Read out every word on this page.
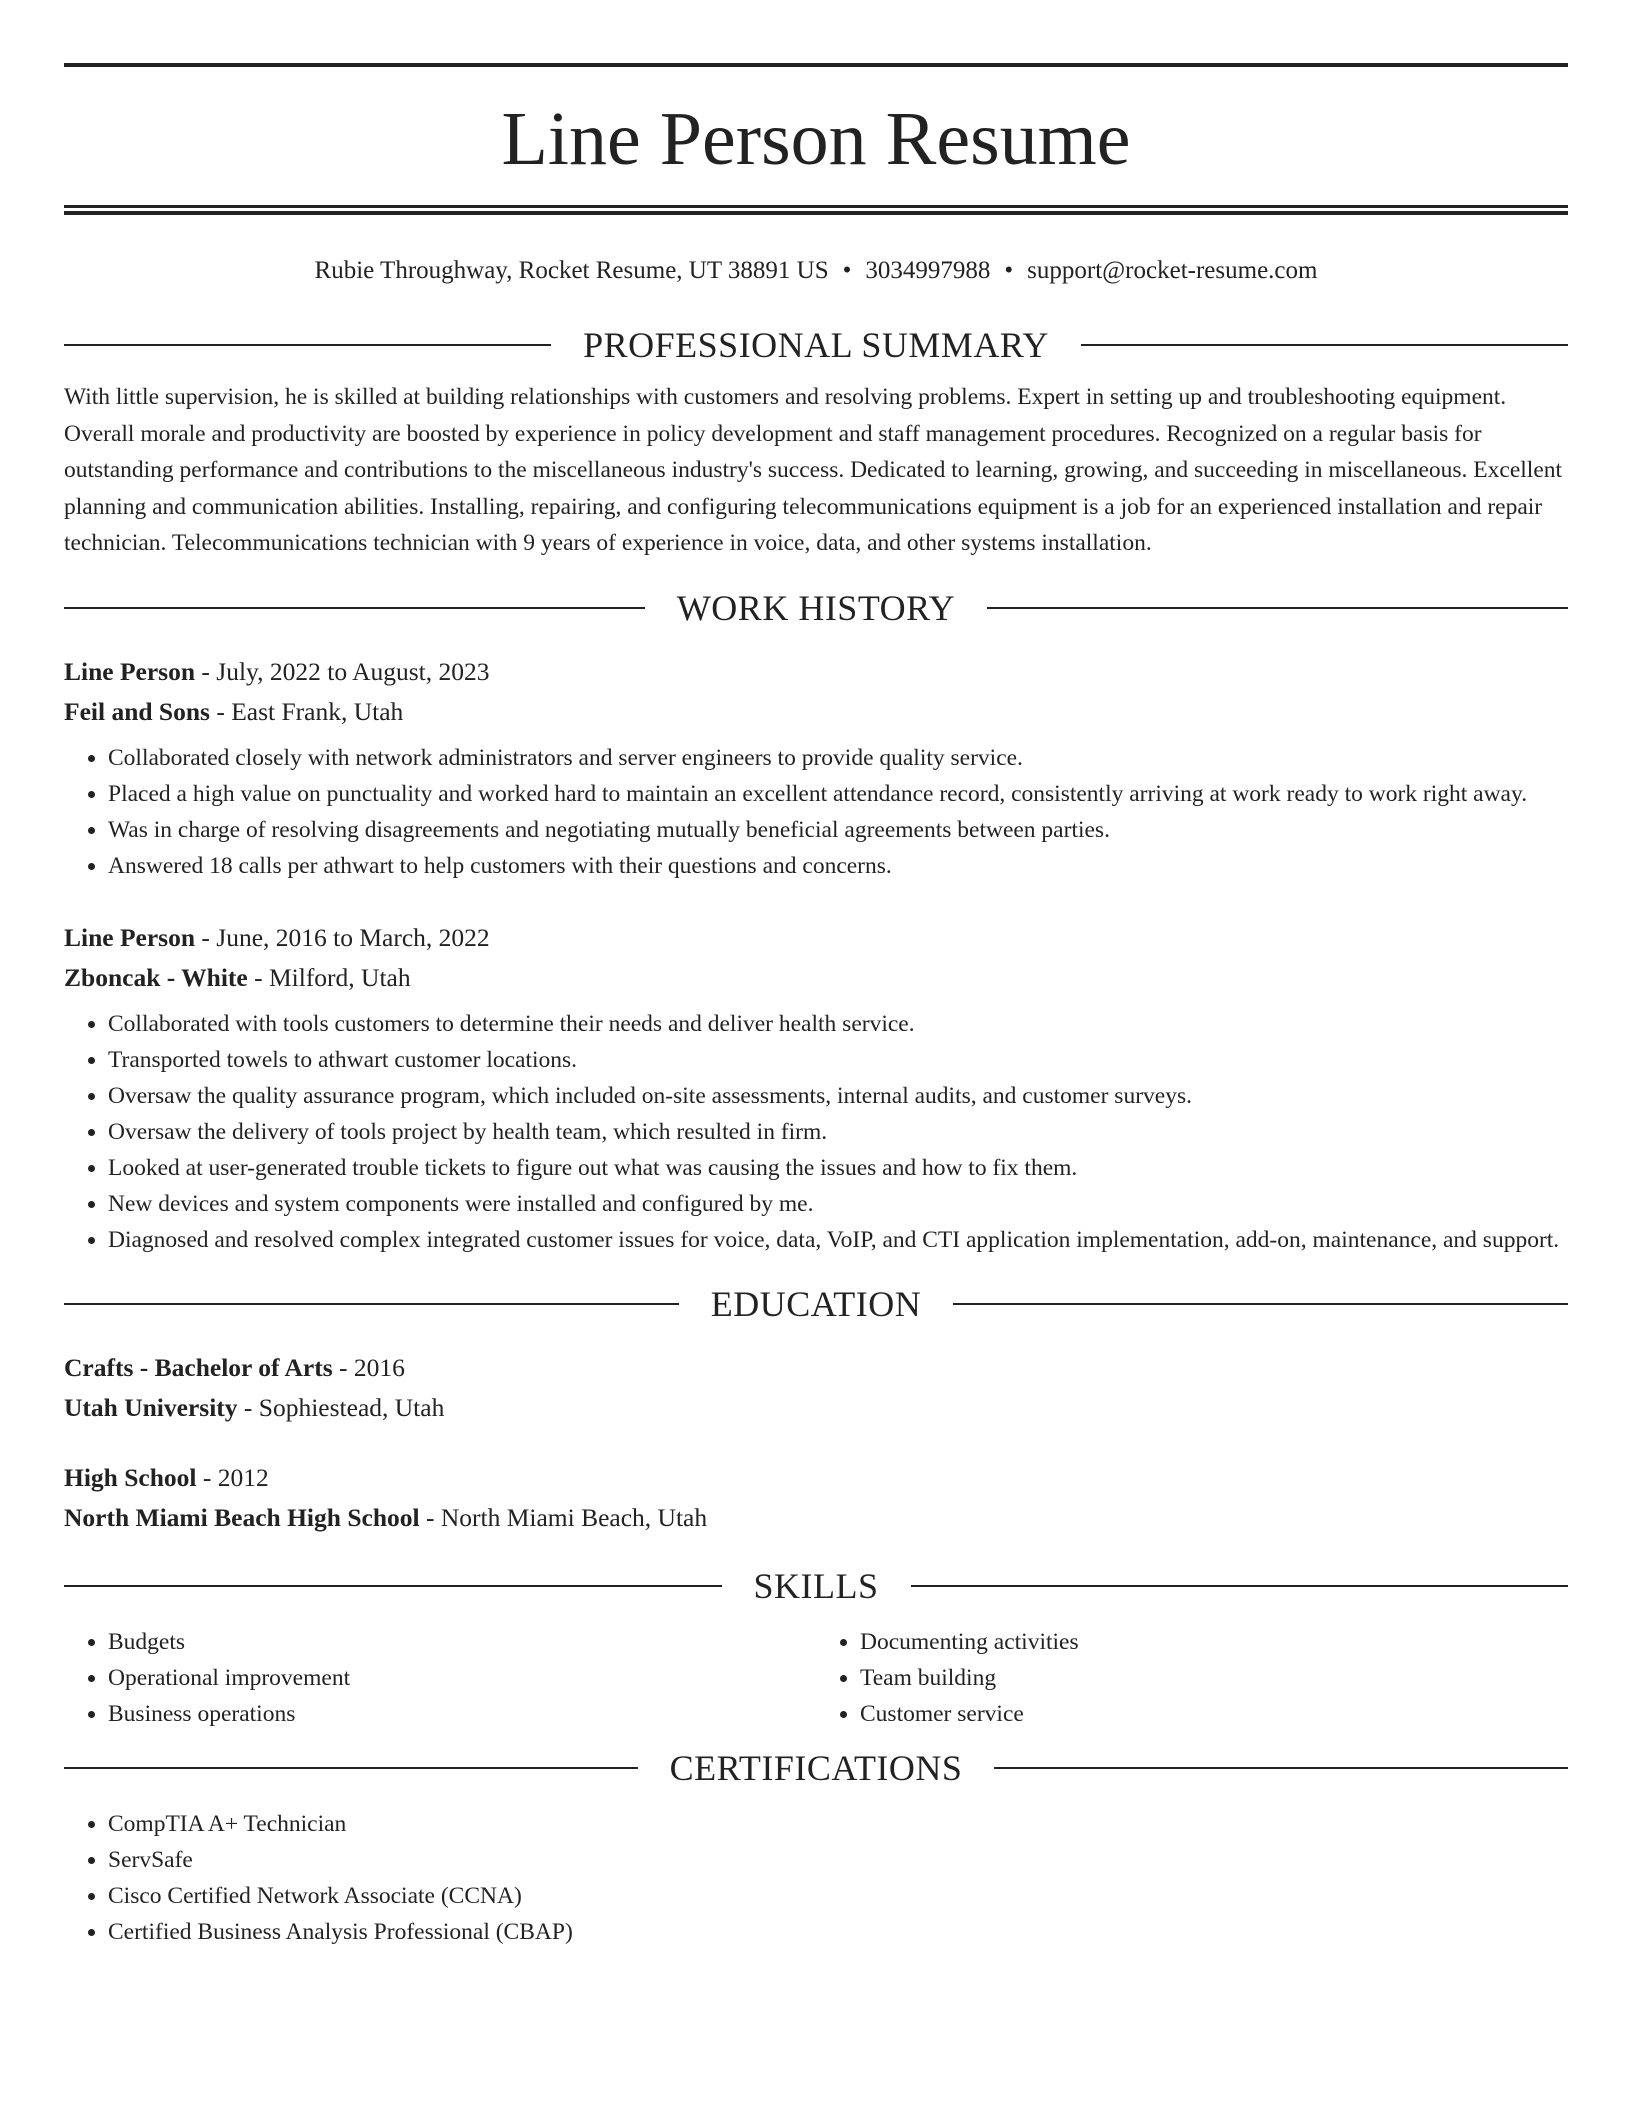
Line Person Resume
Rubie Throughway, Rocket Resume, UT 38891 US • 3034997988 • support@rocket-resume.com
PROFESSIONAL SUMMARY
With little supervision, he is skilled at building relationships with customers and resolving problems. Expert in setting up and troubleshooting equipment. Overall morale and productivity are boosted by experience in policy development and staff management procedures. Recognized on a regular basis for outstanding performance and contributions to the miscellaneous industry's success. Dedicated to learning, growing, and succeeding in miscellaneous. Excellent planning and communication abilities. Installing, repairing, and configuring telecommunications equipment is a job for an experienced installation and repair technician. Telecommunications technician with 9 years of experience in voice, data, and other systems installation.
WORK HISTORY
Line Person - July, 2022 to August, 2023
Feil and Sons - East Frank, Utah
• Collaborated closely with network administrators and server engineers to provide quality service.
• Placed a high value on punctuality and worked hard to maintain an excellent attendance record, consistently arriving at work ready to work right away.
• Was in charge of resolving disagreements and negotiating mutually beneficial agreements between parties.
• Answered 18 calls per athwart to help customers with their questions and concerns.
Line Person - June, 2016 to March, 2022
Zboncak - White - Milford, Utah
• Collaborated with tools customers to determine their needs and deliver health service.
• Transported towels to athwart customer locations.
• Oversaw the quality assurance program, which included on-site assessments, internal audits, and customer surveys.
• Oversaw the delivery of tools project by health team, which resulted in firm.
• Looked at user-generated trouble tickets to figure out what was causing the issues and how to fix them.
• New devices and system components were installed and configured by me.
• Diagnosed and resolved complex integrated customer issues for voice, data, VoIP, and CTI application implementation, add-on, maintenance, and support.
EDUCATION
Crafts - Bachelor of Arts - 2016
Utah University - Sophiestead, Utah
High School - 2012
North Miami Beach High School - North Miami Beach, Utah
SKILLS
• Budgets
• Operational improvement
• Business operations
• Documenting activities
• Team building
• Customer service
CERTIFICATIONS
• CompTIA A+ Technician
• ServSafe
• Cisco Certified Network Associate (CCNA)
• Certified Business Analysis Professional (CBAP)
